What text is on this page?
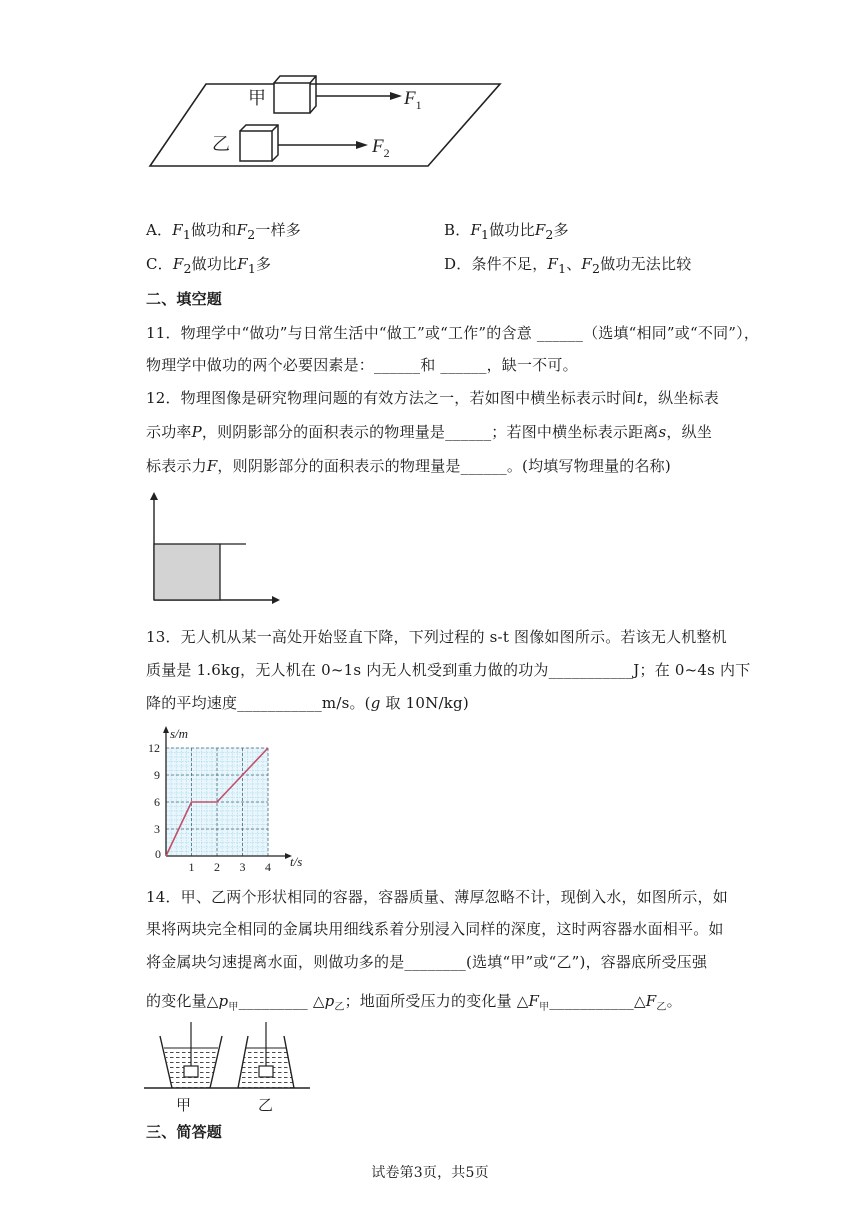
甲	$F_1$
乙	$F_2$
A．$F_1$做功和$F_2$一样多	B．$F_1$做功比$F_2$多
C．$F_2$做功比$F_1$多	D．条件不足，$F_1$、$F_2$做功无法比较
二、填空题
11．物理学中“做功”与日常生活中“做工”或“工作”的含意 ______（选填“相同”或“不同”），
物理学中做功的两个必要因素是：______和 ______，缺一不可。
12．物理图像是研究物理问题的有效方法之一，若如图中横坐标表示时间t，纵坐标表
示功率P，则阴影部分的面积表示的物理量是______；若图中横坐标表示距离s，纵坐
标表示力F，则阴影部分的面积表示的物理量是______。(均填写物理量的名称)
13．无人机从某一高处开始竖直下降，下列过程的 s-t 图像如图所示。若该无人机整机
质量是 1.6kg，无人机在 0~1s 内无人机受到重力做的功为___________J；在 0~4s 内下
降的平均速度___________m/s。(g 取 10N/kg)
3
6
9
12
0
1 2 3 4
s/m
t/s
14．甲、乙两个形状相同的容器，容器质量、薄厚忽略不计，现倒入水，如图所示，如
果将两块完全相同的金属块用细线系着分别浸入同样的深度，这时两容器水面相平。如
将金属块匀速提离水面，则做功多的是________(选填“甲”或“乙”)，容器底所受压强
的变化量$\triangle p_甲\_\_\_\_\_\_\_\_\_$ $\triangle p_乙$；地面所受压力的变化量 $\triangle F_甲\_\_\_\_\_\_\_\_\_\_\_\triangle F_乙$。
甲	乙
三、简答题
试卷第3页，共5页
